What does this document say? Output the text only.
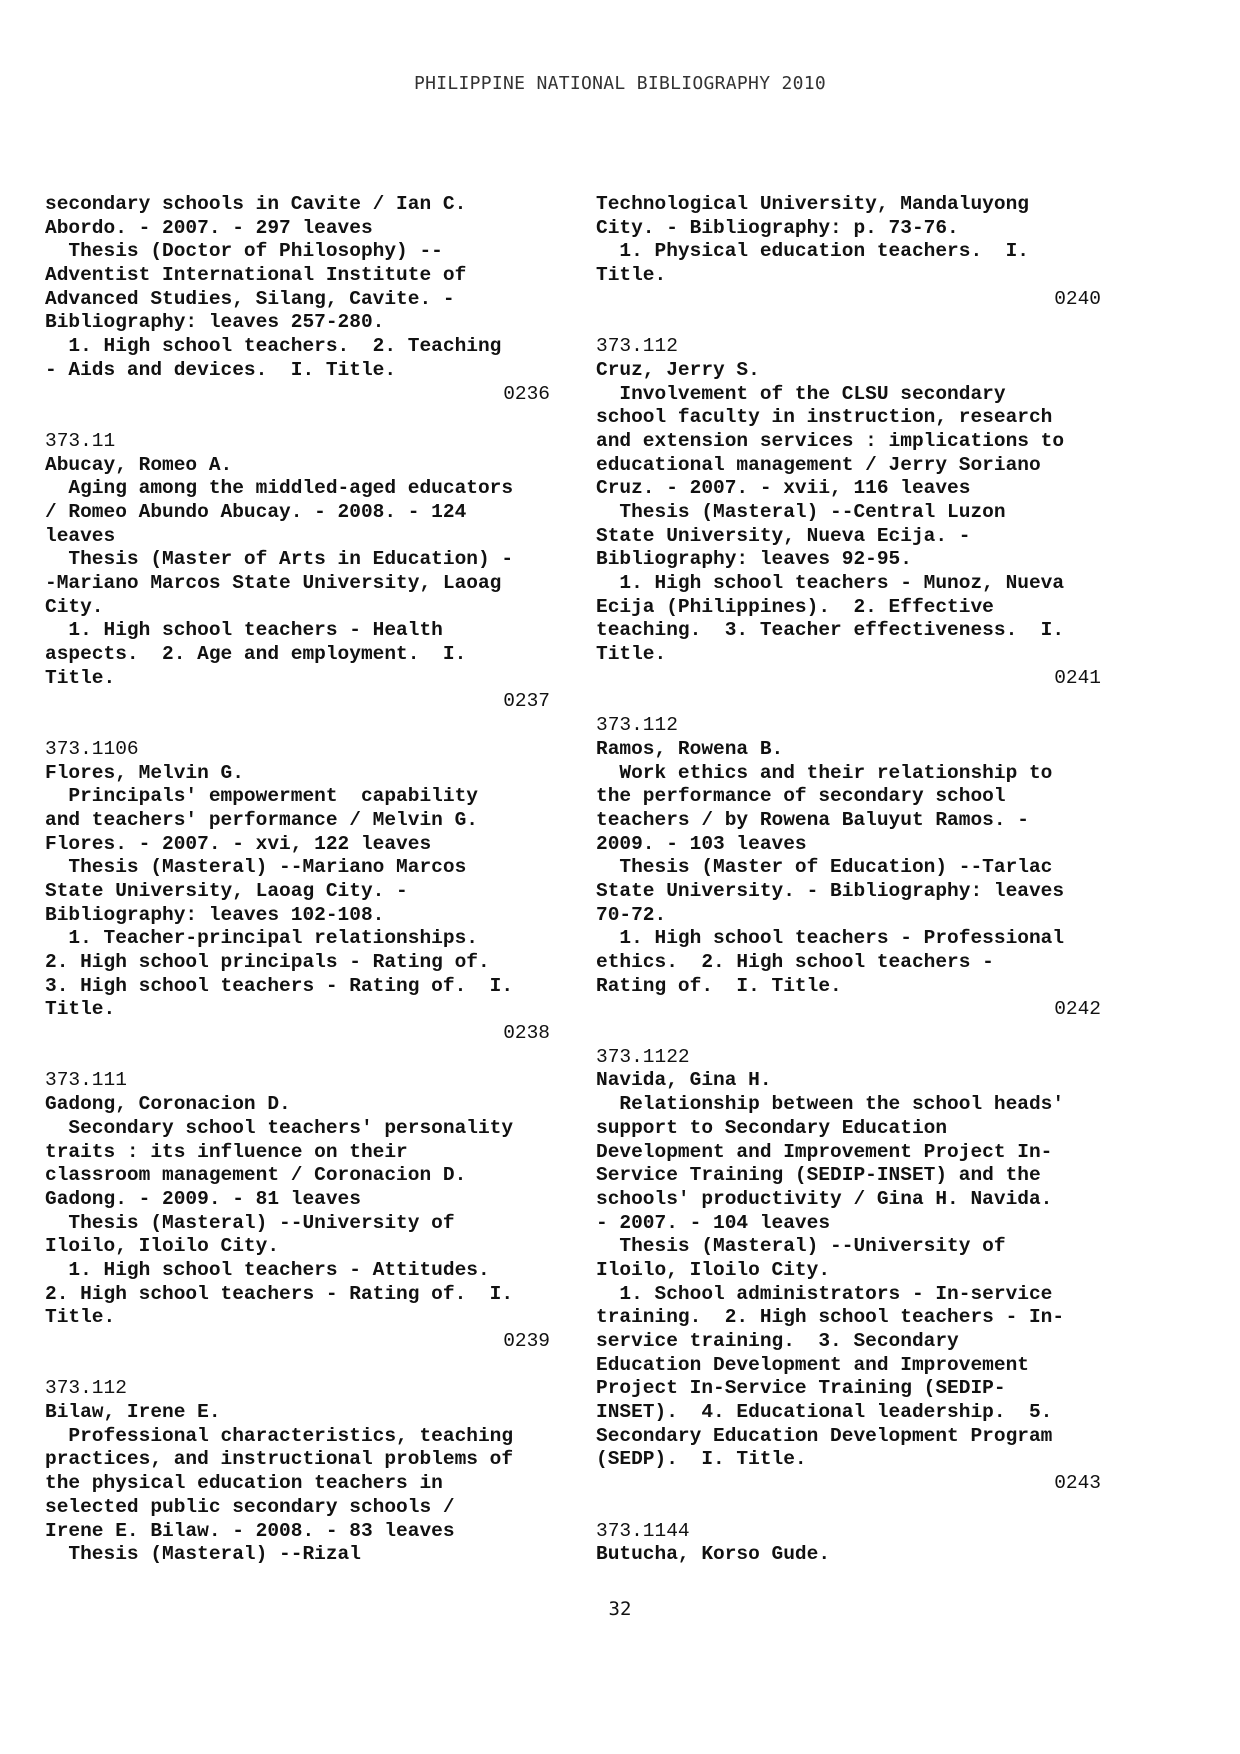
PHILIPPINE NATIONAL BIBLIOGRAPHY 2010
secondary schools in Cavite / Ian C.
Abordo. - 2007. - 297 leaves
Thesis (Doctor of Philosophy) --
Adventist International Institute of
Advanced Studies, Silang, Cavite. -
Bibliography: leaves 257-280.
1. High school teachers.  2. Teaching
- Aids and devices.  I. Title.
0236
373.11
Abucay, Romeo A.
Aging among the middled-aged educators
/ Romeo Abundo Abucay. - 2008. - 124
leaves
Thesis (Master of Arts in Education) -
-Mariano Marcos State University, Laoag
City.
1. High school teachers - Health
aspects.  2. Age and employment.  I.
Title.
0237
373.1106
Flores, Melvin G.
Principals' empowerment  capability
and teachers' performance / Melvin G.
Flores. - 2007. - xvi, 122 leaves
Thesis (Masteral) --Mariano Marcos
State University, Laoag City. -
Bibliography: leaves 102-108.
1. Teacher-principal relationships.
2. High school principals - Rating of.
3. High school teachers - Rating of.  I.
Title.
0238
373.111
Gadong, Coronacion D.
Secondary school teachers' personality
traits : its influence on their
classroom management / Coronacion D.
Gadong. - 2009. - 81 leaves
Thesis (Masteral) --University of
Iloilo, Iloilo City.
1. High school teachers - Attitudes.
2. High school teachers - Rating of.  I.
Title.
0239
373.112
Bilaw, Irene E.
Professional characteristics, teaching
practices, and instructional problems of
the physical education teachers in
selected public secondary schools /
Irene E. Bilaw. - 2008. - 83 leaves
Thesis (Masteral) --Rizal
Technological University, Mandaluyong
City. - Bibliography: p. 73-76.
1. Physical education teachers.  I.
Title.
0240
373.112
Cruz, Jerry S.
Involvement of the CLSU secondary
school faculty in instruction, research
and extension services : implications to
educational management / Jerry Soriano
Cruz. - 2007. - xvii, 116 leaves
Thesis (Masteral) --Central Luzon
State University, Nueva Ecija. -
Bibliography: leaves 92-95.
1. High school teachers - Munoz, Nueva
Ecija (Philippines).  2. Effective
teaching.  3. Teacher effectiveness.  I.
Title.
0241
373.112
Ramos, Rowena B.
Work ethics and their relationship to
the performance of secondary school
teachers / by Rowena Baluyut Ramos. -
2009. - 103 leaves
Thesis (Master of Education) --Tarlac
State University. - Bibliography: leaves
70-72.
1. High school teachers - Professional
ethics.  2. High school teachers -
Rating of.  I. Title.
0242
373.1122
Navida, Gina H.
Relationship between the school heads'
support to Secondary Education
Development and Improvement Project In-
Service Training (SEDIP-INSET) and the
schools' productivity / Gina H. Navida.
- 2007. - 104 leaves
Thesis (Masteral) --University of
Iloilo, Iloilo City.
1. School administrators - In-service
training.  2. High school teachers - In-
service training.  3. Secondary
Education Development and Improvement
Project In-Service Training (SEDIP-
INSET).  4. Educational leadership.  5.
Secondary Education Development Program
(SEDP).  I. Title.
0243
373.1144
Butucha, Korso Gude.
32
